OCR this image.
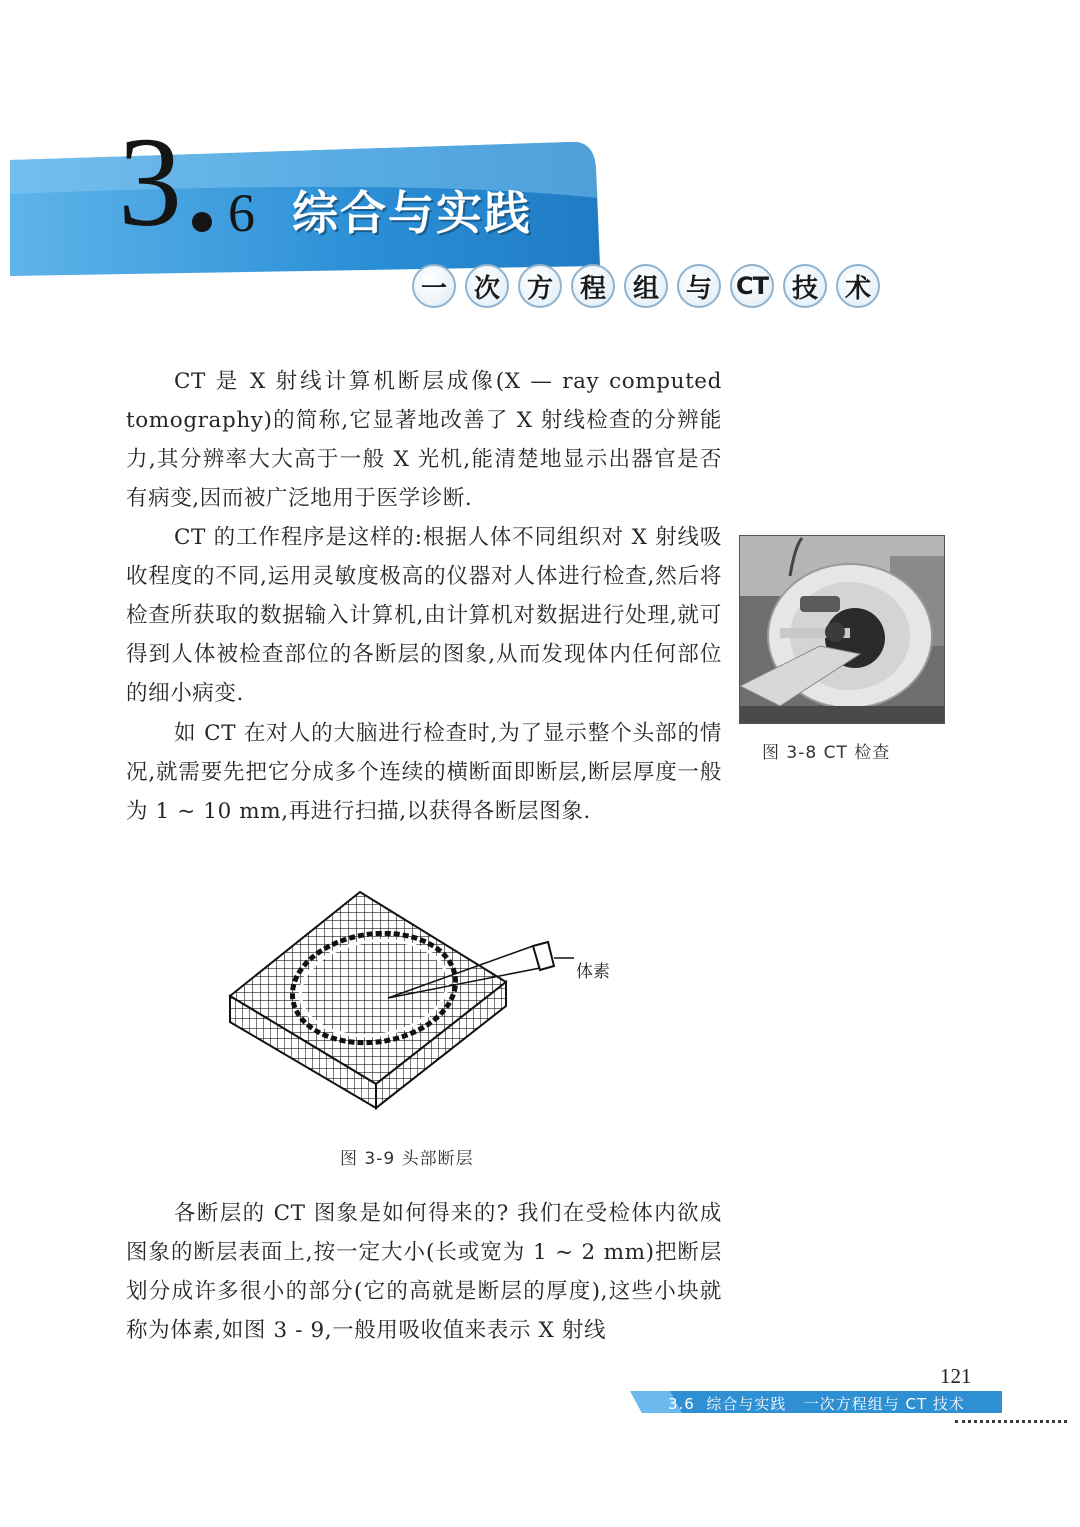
3 6 综合与实践
一	次	方	程	组	与	CT 技	术

CT 是 X 射线计算机断层成像(X — ray computed tomography)的简称,它显著地改善了 X 射线检查的分辨能力,其分辨率大大高于一般 X 光机,能清楚地显示出器官是否有病变,因而被广泛地用于医学诊断.

CT 的工作程序是这样的:根据人体不同组织对 X 射线吸收程度的不同,运用灵敏度极高的仪器对人体进行检查,然后将检查所获取的数据输入计算机,由计算机对数据进行处理,就可得到人体被检查部位的各断层的图象,从而发现体内任何部位的细小病变.

如 CT 在对人的大脑进行检查时,为了显示整个头部的情况,就需要先把它分成多个连续的横断面即断层,断层厚度一般为 1 ~ 10 mm,再进行扫描,以获得各断层图象.

各断层的 CT 图象是如何得来的? 我们在受检体内欲成图象的断层表面上,按一定大小(长或宽为 1 ~ 2 mm)把断层划分成许多很小的部分(它的高就是断层的厚度),这些小块就称为体素,如图 3 - 9,一般用吸收值来表示 X 射线

图 3-8 CT 检查
体素
图 3-9 头部断层
121
3.6  综合与实践   一次方程组与 CT 技术
